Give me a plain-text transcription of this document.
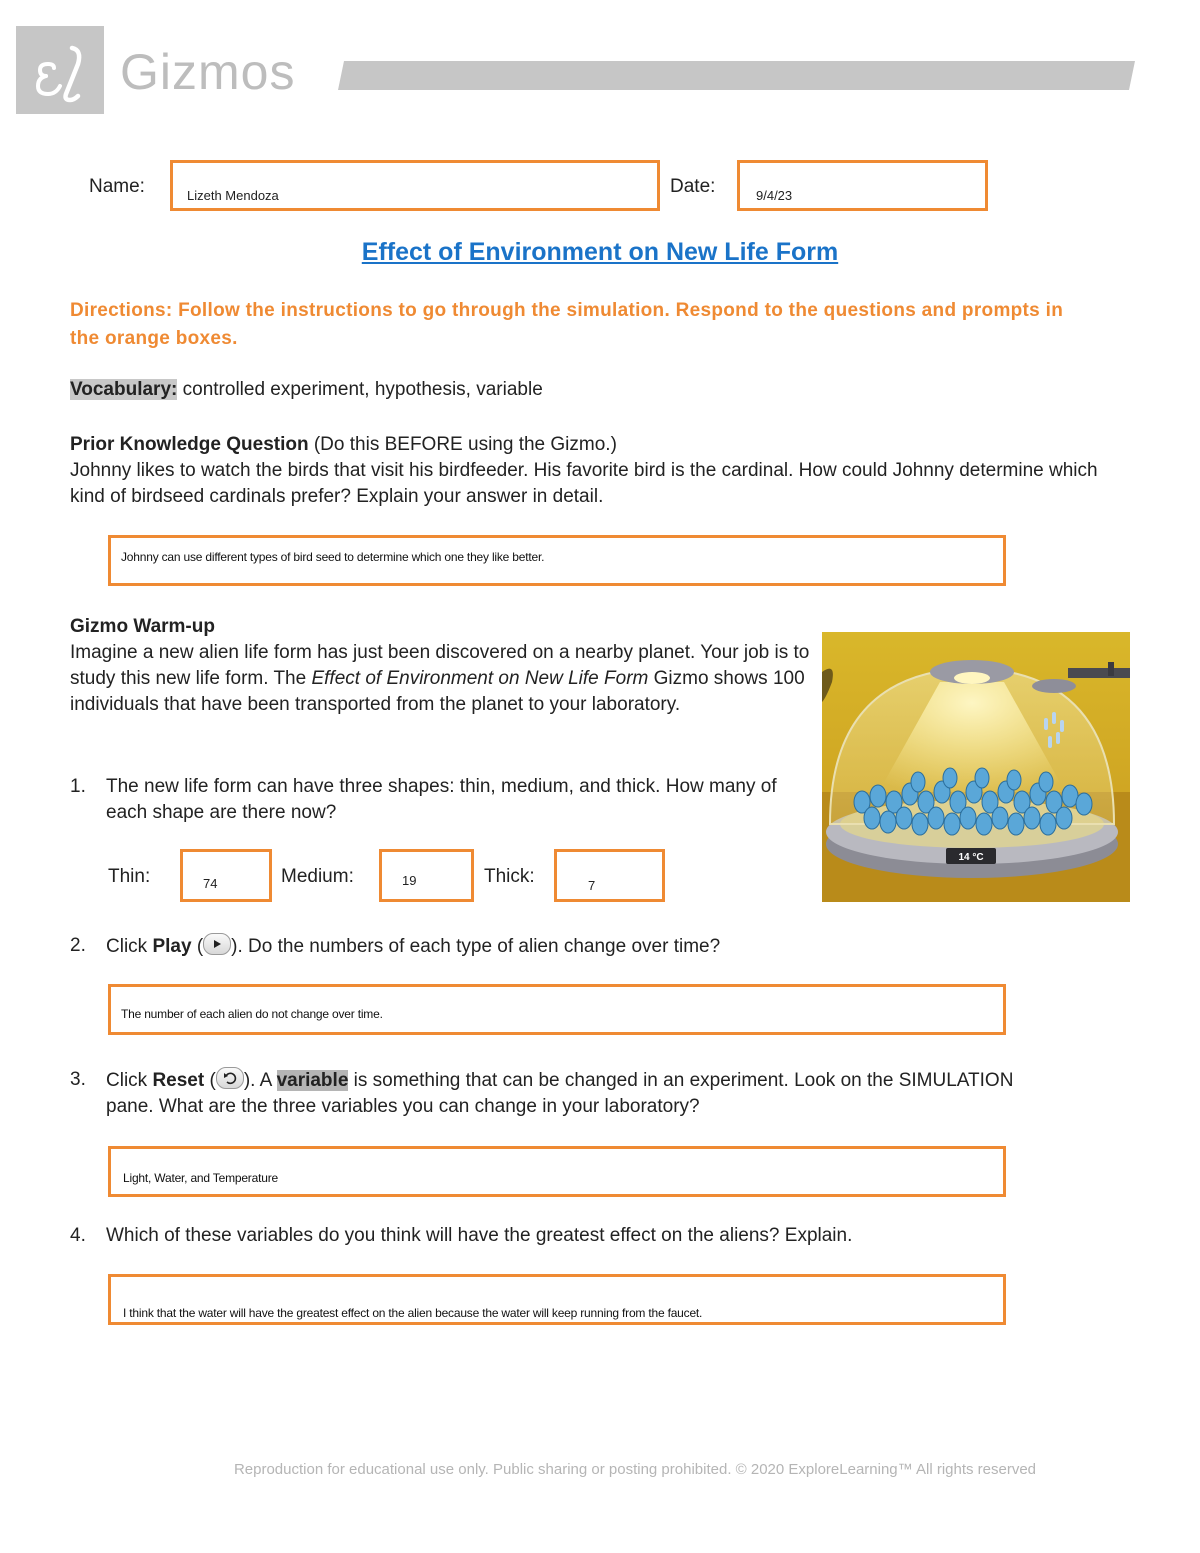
Gizmos
Name:	Lizeth Mendoza	Date:	9/4/23
Effect of Environment on New Life Form
Directions: Follow the instructions to go through the simulation. Respond to the questions and prompts in the orange boxes.
Vocabulary: controlled experiment, hypothesis, variable
Prior Knowledge Question (Do this BEFORE using the Gizmo.)
Johnny likes to watch the birds that visit his birdfeeder. His favorite bird is the cardinal. How could Johnny determine which kind of birdseed cardinals prefer? Explain your answer in detail.
Johnny can use different types of bird seed to determine which one they like better.
Gizmo Warm-up
Imagine a new alien life form has just been discovered on a nearby planet. Your job is to study this new life form. The Effect of Environment on New Life Form Gizmo shows 100 individuals that have been transported from the planet to your laboratory.
14 °C
1. The new life form can have three shapes: thin, medium, and thick. How many of each shape are there now?
Thin:	74	Medium:	19	Thick:	7
2. Click Play ( ). Do the numbers of each type of alien change over time?
The number of each alien do not change over time.
3. Click Reset ( ). A variable is something that can be changed in an experiment. Look on the SIMULATION pane. What are the three variables you can change in your laboratory?
Light, Water, and Temperature
4. Which of these variables do you think will have the greatest effect on the aliens? Explain.
I think that the water will have the greatest effect on the alien because the water will keep running from the faucet.
Reproduction for educational use only. Public sharing or posting prohibited. © 2020 ExploreLearning™ All rights reserved
